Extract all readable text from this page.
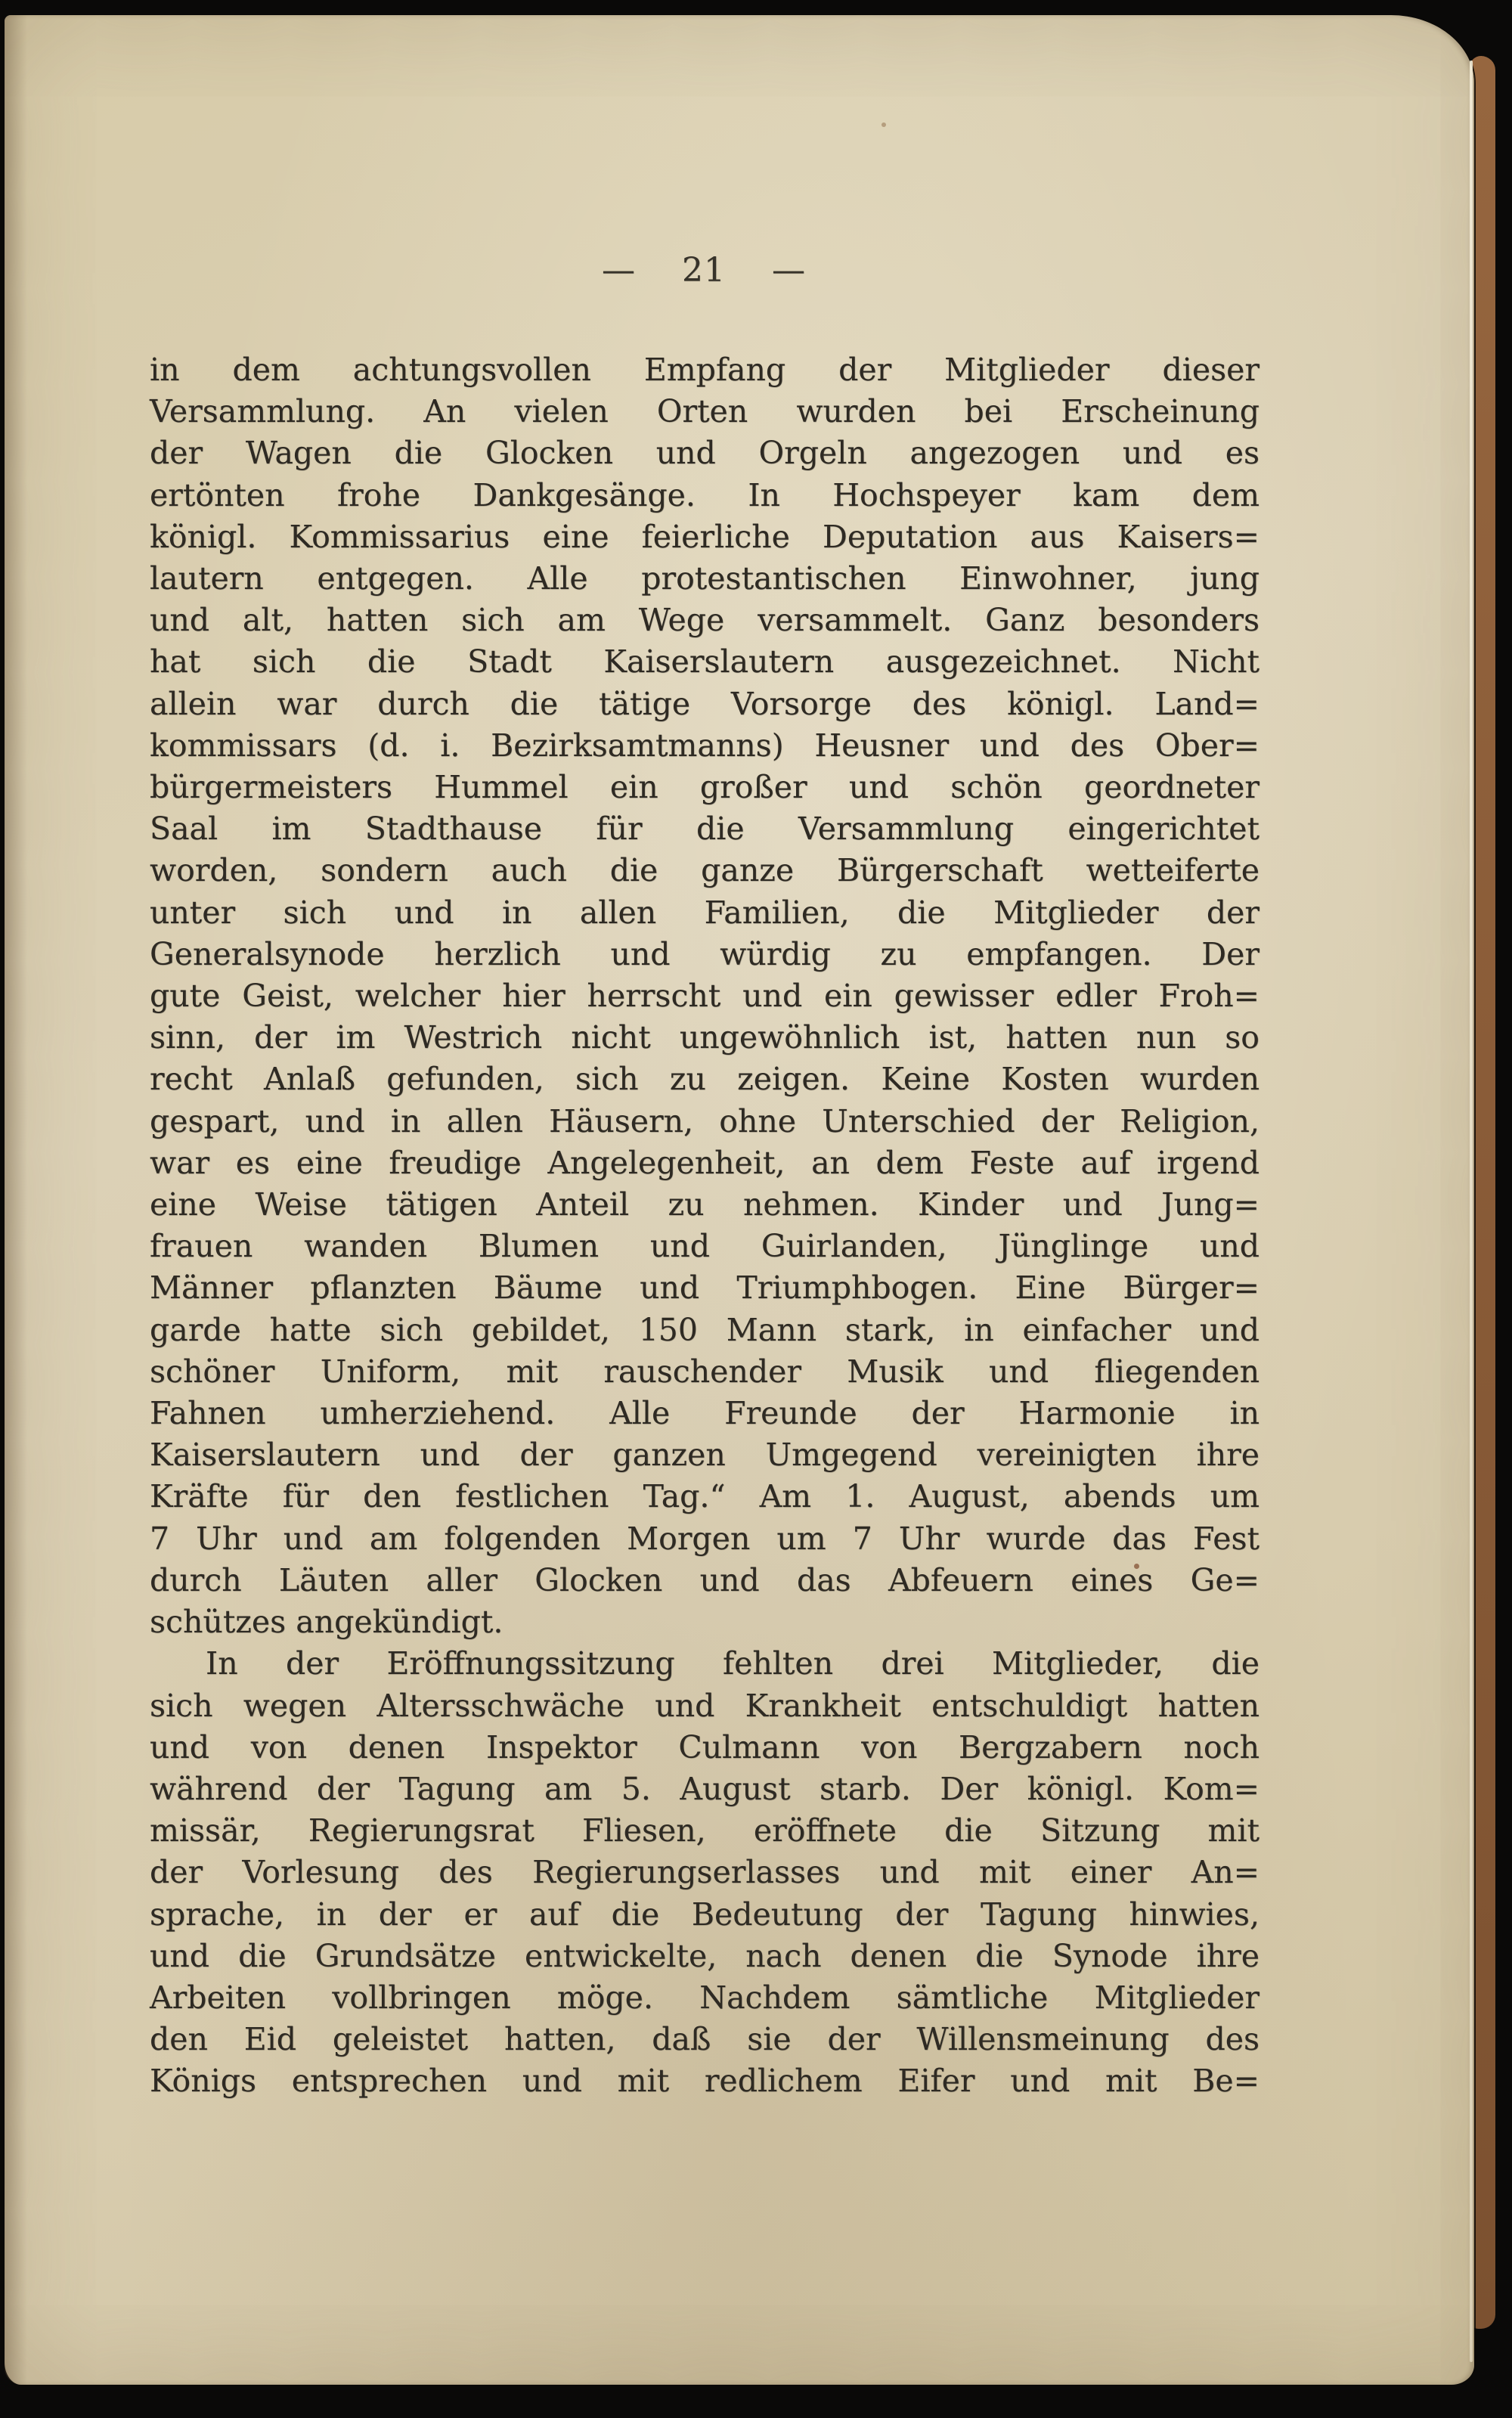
— 21 —
in dem achtungsvollen Empfang der Mitglieder dieser
Versammlung. An vielen Orten wurden bei Erscheinung
der Wagen die Glocken und Orgeln angezogen und es
ertönten frohe Dankgesänge. In Hochspeyer kam dem
königl. Kommissarius eine feierliche Deputation aus Kaisers=
lautern entgegen. Alle protestantischen Einwohner, jung
und alt, hatten sich am Wege versammelt. Ganz besonders
hat sich die Stadt Kaiserslautern ausgezeichnet. Nicht
allein war durch die tätige Vorsorge des königl. Land=
kommissars (d. i. Bezirksamtmanns) Heusner und des Ober=
bürgermeisters Hummel ein großer und schön geordneter
Saal im Stadthause für die Versammlung eingerichtet
worden, sondern auch die ganze Bürgerschaft wetteiferte
unter sich und in allen Familien, die Mitglieder der
Generalsynode herzlich und würdig zu empfangen. Der
gute Geist, welcher hier herrscht und ein gewisser edler Froh=
sinn, der im Westrich nicht ungewöhnlich ist, hatten nun so
recht Anlaß gefunden, sich zu zeigen. Keine Kosten wurden
gespart, und in allen Häusern, ohne Unterschied der Religion,
war es eine freudige Angelegenheit, an dem Feste auf irgend
eine Weise tätigen Anteil zu nehmen. Kinder und Jung=
frauen wanden Blumen und Guirlanden, Jünglinge und
Männer pflanzten Bäume und Triumphbogen. Eine Bürger=
garde hatte sich gebildet, 150 Mann stark, in einfacher und
schöner Uniform, mit rauschender Musik und fliegenden
Fahnen umherziehend. Alle Freunde der Harmonie in
Kaiserslautern und der ganzen Umgegend vereinigten ihre
Kräfte für den festlichen Tag.“ Am 1. August, abends um
7 Uhr und am folgenden Morgen um 7 Uhr wurde das Fest
durch Läuten aller Glocken und das Abfeuern eines Ge=
schützes angekündigt.
In der Eröffnungssitzung fehlten drei Mitglieder, die
sich wegen Altersschwäche und Krankheit entschuldigt hatten
und von denen Inspektor Culmann von Bergzabern noch
während der Tagung am 5. August starb. Der königl. Kom=
missär, Regierungsrat Fliesen, eröffnete die Sitzung mit
der Vorlesung des Regierungserlasses und mit einer An=
sprache, in der er auf die Bedeutung der Tagung hinwies,
und die Grundsätze entwickelte, nach denen die Synode ihre
Arbeiten vollbringen möge. Nachdem sämtliche Mitglieder
den Eid geleistet hatten, daß sie der Willensmeinung des
Königs entsprechen und mit redlichem Eifer und mit Be=
